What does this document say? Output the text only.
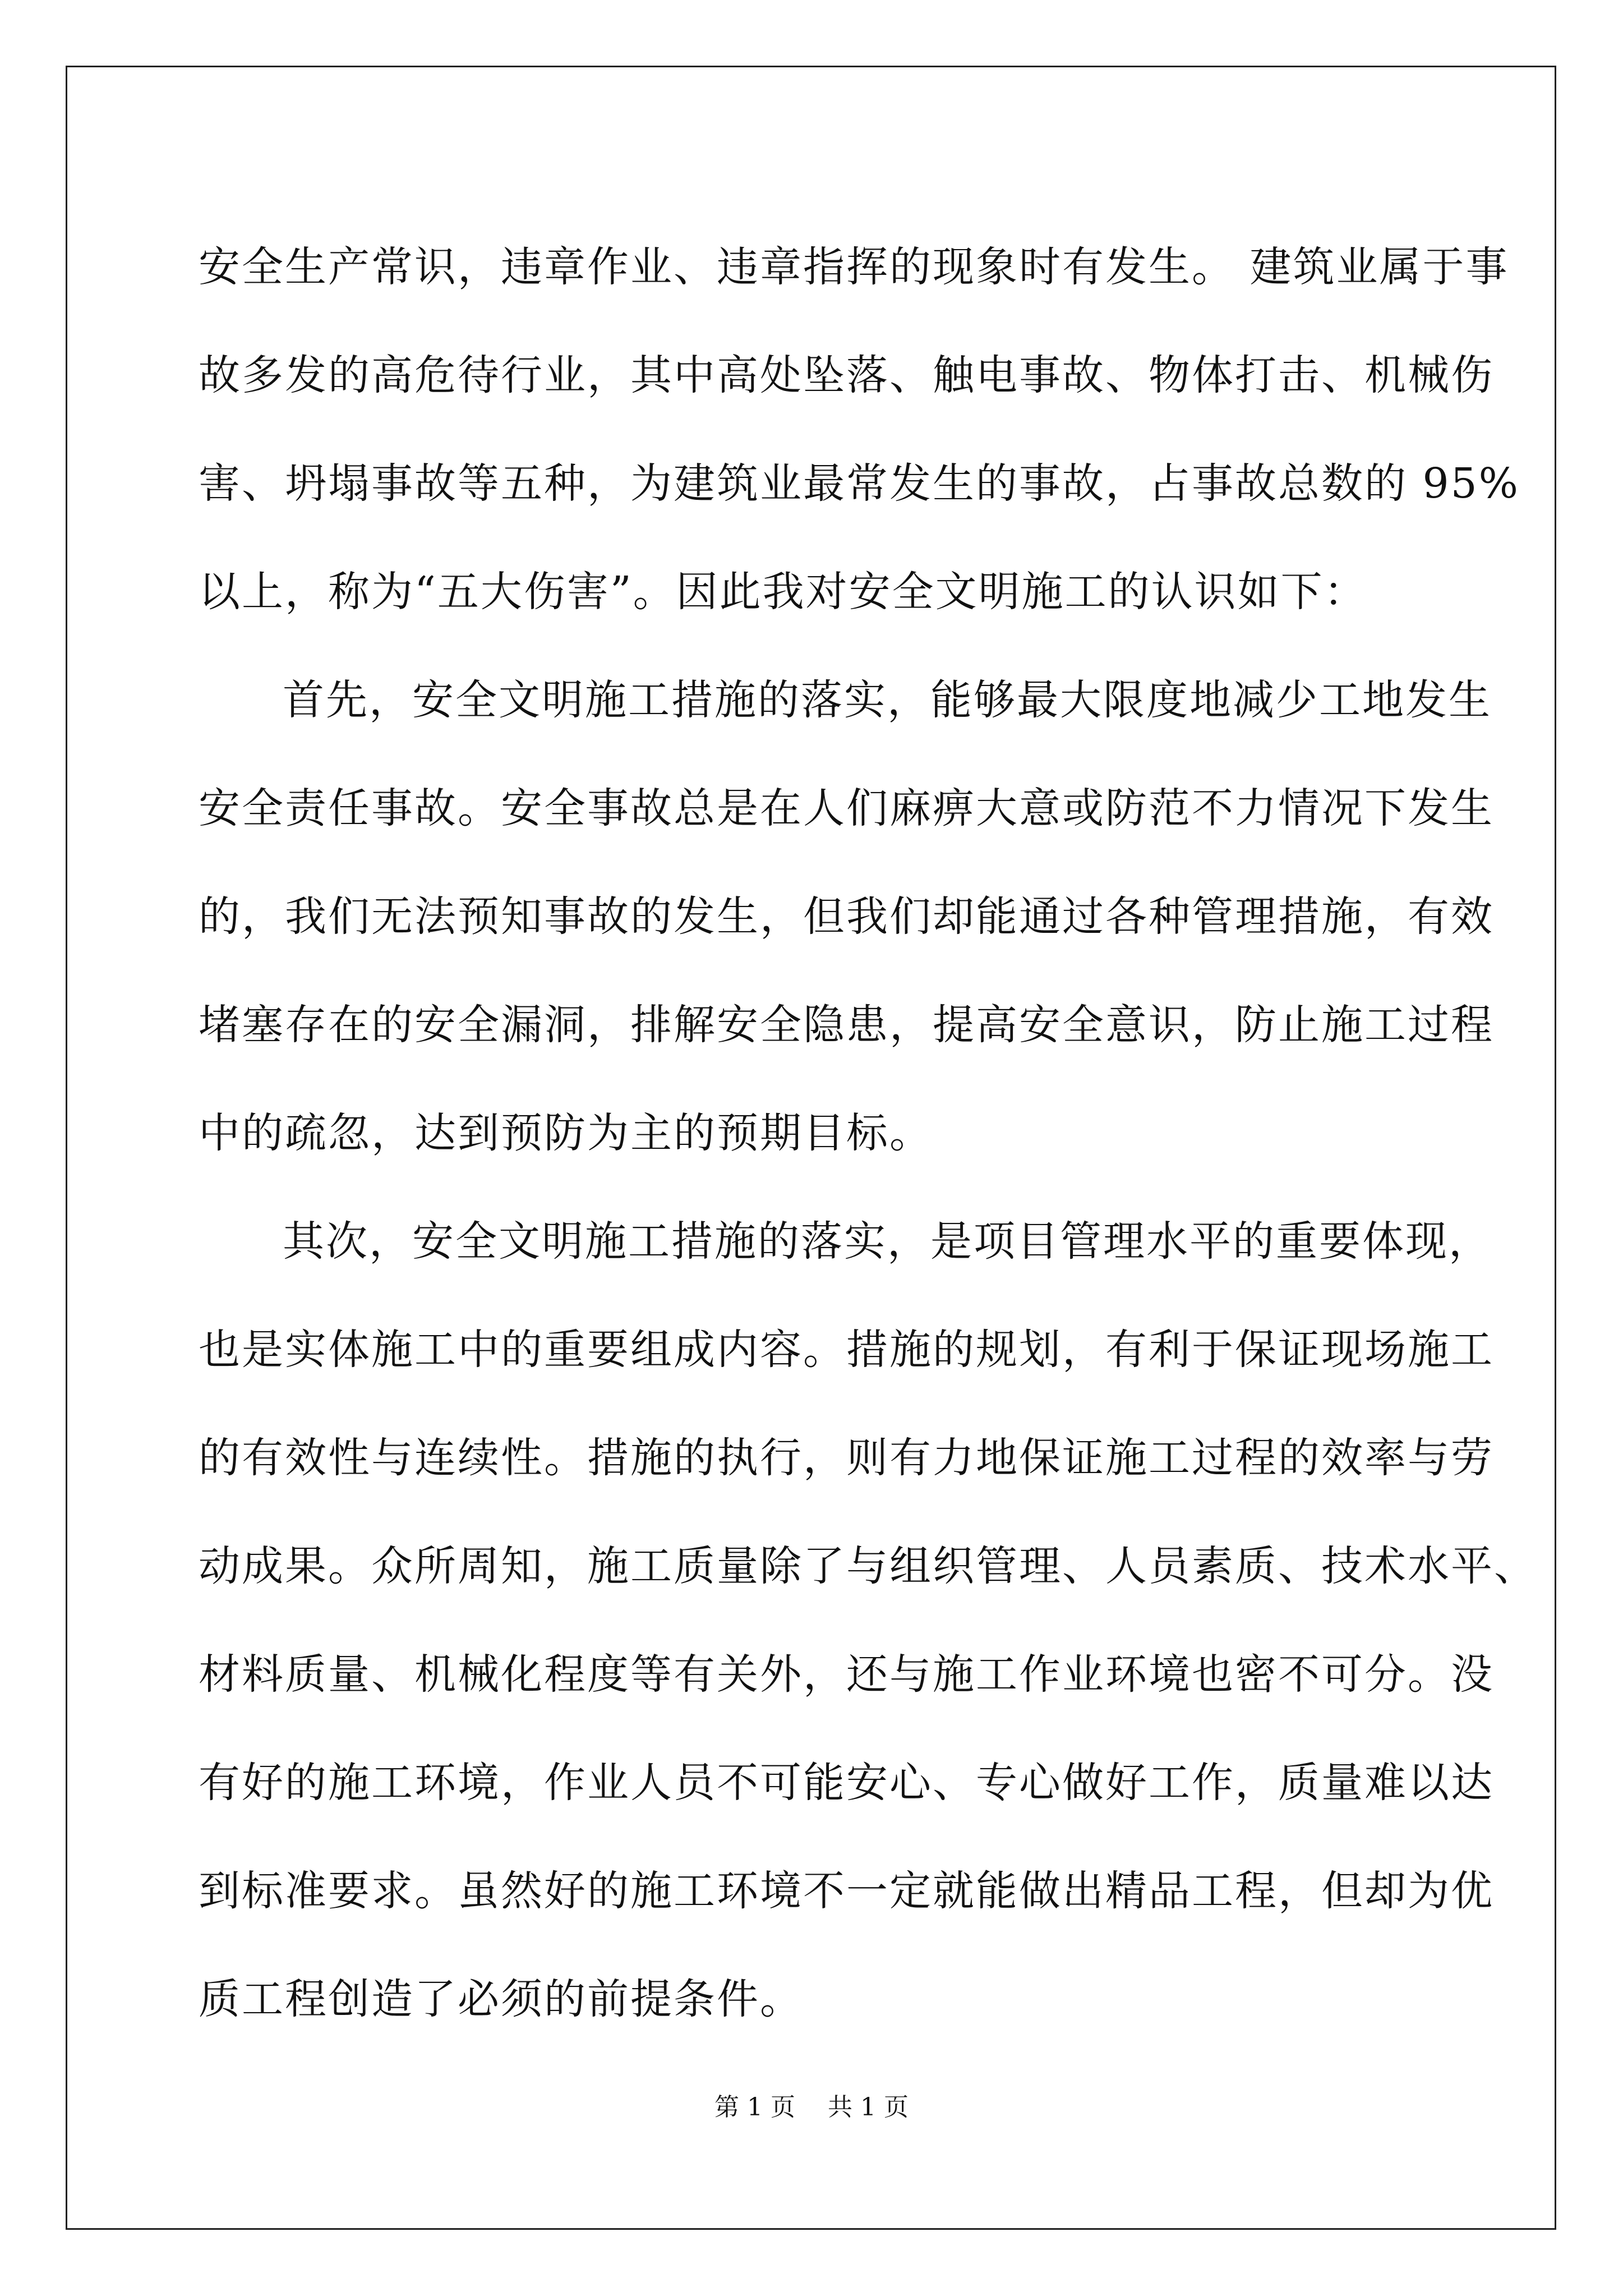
安全生产常识，违章作业、违章指挥的现象时有发生。 建筑业属于事
故多发的高危待行业，其中高处坠落、触电事故、物体打击、机械伤
害、坍塌事故等五种，为建筑业最常发生的事故，占事故总数的 95%
以上，称为“五大伤害”。因此我对安全文明施工的认识如下：
首先，安全文明施工措施的落实，能够最大限度地减少工地发生
安全责任事故。安全事故总是在人们麻痹大意或防范不力情况下发生
的，我们无法预知事故的发生，但我们却能通过各种管理措施，有效
堵塞存在的安全漏洞，排解安全隐患，提高安全意识，防止施工过程
中的疏忽，达到预防为主的预期目标。
其次，安全文明施工措施的落实，是项目管理水平的重要体现，
也是实体施工中的重要组成内容。措施的规划，有利于保证现场施工
的有效性与连续性。措施的执行，则有力地保证施工过程的效率与劳
动成果。众所周知，施工质量除了与组织管理、人员素质、技术水平、
材料质量、机械化程度等有关外，还与施工作业环境也密不可分。没
有好的施工环境，作业人员不可能安心、专心做好工作，质量难以达
到标准要求。虽然好的施工环境不一定就能做出精品工程，但却为优
质工程创造了必须的前提条件。
第 1 页 共 1 页
